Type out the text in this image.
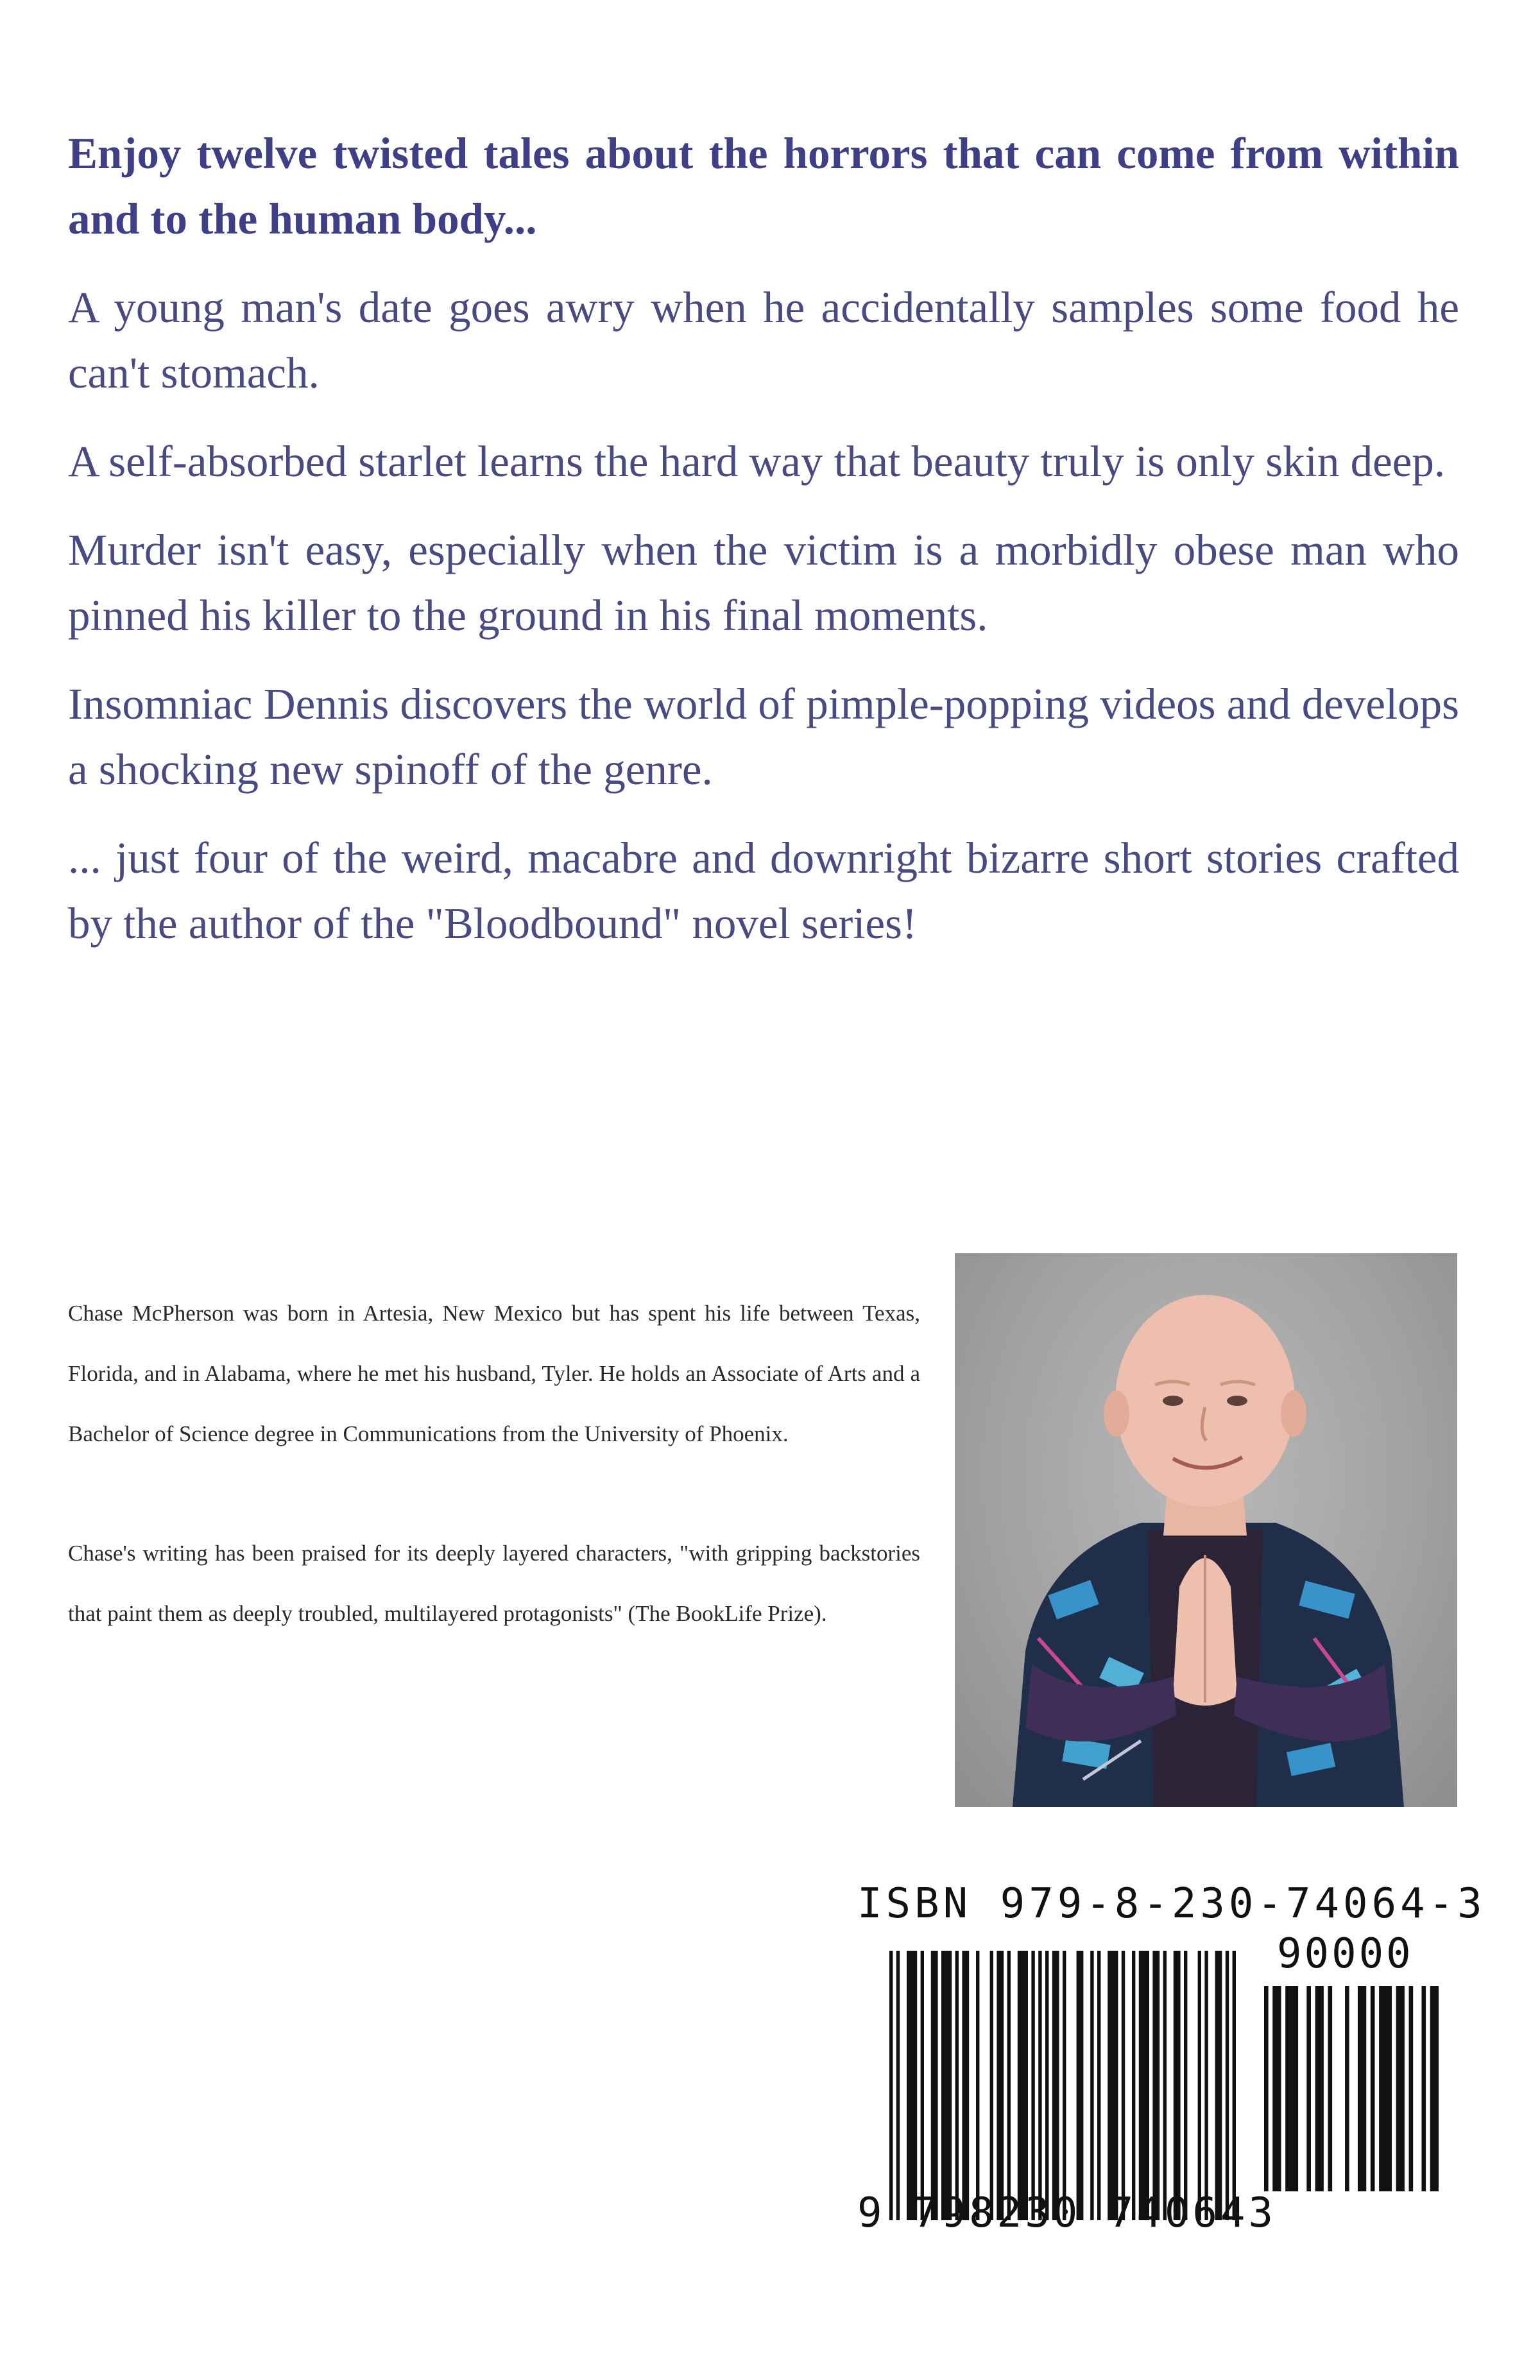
Enjoy twelve twisted tales about the horrors that can come from within and to the human body...

A young man's date goes awry when he accidentally samples some food he can't stomach.

A self-absorbed starlet learns the hard way that beauty truly is only skin deep.

Murder isn't easy, especially when the victim is a morbidly obese man who pinned his killer to the ground in his final moments.

Insomniac Dennis discovers the world of pimple-popping videos and develops a shocking new spinoff of the genre.

... just four of the weird, macabre and downright bizarre short stories crafted by the author of the "Bloodbound" novel series!

Chase McPherson was born in Artesia, New Mexico but has spent his life between Texas, Florida, and in Alabama, where he met his husband, Tyler. He holds an Associate of Arts and a Bachelor of Science degree in Communications from the University of Phoenix.

Chase's writing has been praised for its deeply layered characters, "with gripping backstories that paint them as deeply troubled, multilayered protagonists" (The BookLife Prize).

ISBN 979-8-230-74064-3
90000
9 798230 740643
